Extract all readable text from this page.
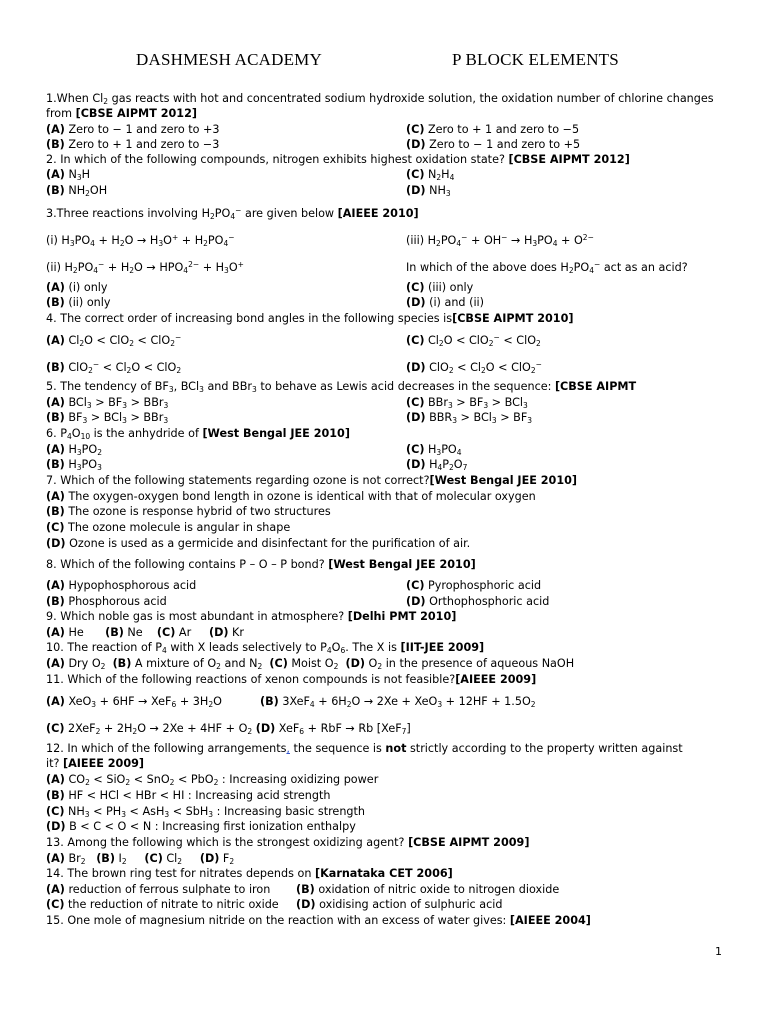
DASHMESH ACADEMY	P BLOCK ELEMENTS
1.When $Cl_2$ gas reacts with hot and concentrated sodium hydroxide solution, the oxidation number of chlorine changes
from [CBSE AIPMT 2012]
(A) Zero to − 1 and zero to +3	(C) Zero to + 1 and zero to −5
(B) Zero to + 1 and zero to −3	(D) Zero to − 1 and zero to +5
2. In which of the following compounds, nitrogen exhibits highest oxidation state? [CBSE AIPMT 2012]
(A) $N_3H$	(C) $N_2H_4$
(B) $NH_2OH$	(D) $NH_3$
3.Three reactions involving $H_2PO_4^-$ are given below [AIEEE 2010]
(i) $H_3PO_4 + H_2O \to H_3O^+ + H_2PO_4^-$	(iii) $H_2PO_4^- + OH^- \to H_3PO_4 + O^{2-}$
(ii) $H_2PO_4^- + H_2O \to HPO_4^{2-} + H_3O^+$	In which of the above does $H_2PO_4^-$ act as an acid?
(A) (i) only	(C) (iii) only
(B) (ii) only	(D) (i) and (ii)
4. The correct order of increasing bond angles in the following species is[CBSE AIPMT 2010]
(A) $Cl_2O < ClO_2 < ClO_2^-$	(C) $Cl_2O < ClO_2^- < ClO_2$
(B) $ClO_2^- < Cl_2O < ClO_2$	(D) $ClO_2 < Cl_2O < ClO_2^-$
5. The tendency of $BF_3$, BCl$_3$ and BBr$_3$ to behave as Lewis acid decreases in the sequence: [CBSE AIPMT
(A) $BCl_3 > BF_3 > BBr_3$	(C) $BBr_3 > BF_3 > BCl_3$
(B) $BF_3 > BCl_3 > BBr_3$	(D) $BBR_3 > BCl_3 > BF_3$
6. $P_4O_{10}$ is the anhydride of [West Bengal JEE 2010]
(A) $H_3PO_2$	(C) $H_3PO_4$
(B) $H_3PO_3$	(D) $H_4P_2O_7$
7. Which of the following statements regarding ozone is not correct?[West Bengal JEE 2010]
(A) The oxygen-oxygen bond length in ozone is identical with that of molecular oxygen
(B) The ozone is response hybrid of two structures
(C) The ozone molecule is angular in shape
(D) Ozone is used as a germicide and disinfectant for the purification of air.
8. Which of the following contains P – O – P bond? [West Bengal JEE 2010]
(A) Hypophosphorous acid	(C) Pyrophosphoric acid
(B) Phosphorous acid	(D) Orthophosphoric acid
9. Which noble gas is most abundant in atmosphere? [Delhi PMT 2010]
(A) He (B) Ne (C) Ar (D) Kr
10. The reaction of $P_4$ with X leads selectively to $P_4O_6$. The X is [IIT-JEE 2009]
(A) Dry $O_2$ (B) A mixture of $O_2$ and $N_2$ (C) Moist $O_2$ (D) $O_2$ in the presence of aqueous NaOH
11. Which of the following reactions of xenon compounds is not feasible?[AIEEE 2009]
(A) $XeO_3 + 6HF \to XeF_6 + 3H_2O$	(B) $3XeF_4 + 6H_2O \to 2Xe + XeO_3 + 12HF + 1.5O_2$
(C) $2XeF_2 + 2H_2O \to 2Xe + 4HF + O_2$ (D) XeF$_6$ + RbF → Rb [XeF$_7$]
12. In which of the following arrangements, the sequence is not strictly according to the property written against
it? [AIEEE 2009]
(A) $CO_2 < SiO_2 < SnO_2 < PbO_2$ : Increasing oxidizing power
(B) HF < HCl < HBr < HI : Increasing acid strength
(C) $NH_3 < PH_3 < AsH_3 < SbH_3$ : Increasing basic strength
(D) B < C < O < N : Increasing first ionization enthalpy
13. Among the following which is the strongest oxidizing agent? [CBSE AIPMT 2009]
(A) $Br_2$ (B) $I_2$ (C) $Cl_2$ (D) $F_2$
14. The brown ring test for nitrates depends on [Karnataka CET 2006]
(A) reduction of ferrous sulphate to iron (B) oxidation of nitric oxide to nitrogen dioxide
(C) the reduction of nitrate to nitric oxide (D) oxidising action of sulphuric acid
15. One mole of magnesium nitride on the reaction with an excess of water gives: [AIEEE 2004]
1
